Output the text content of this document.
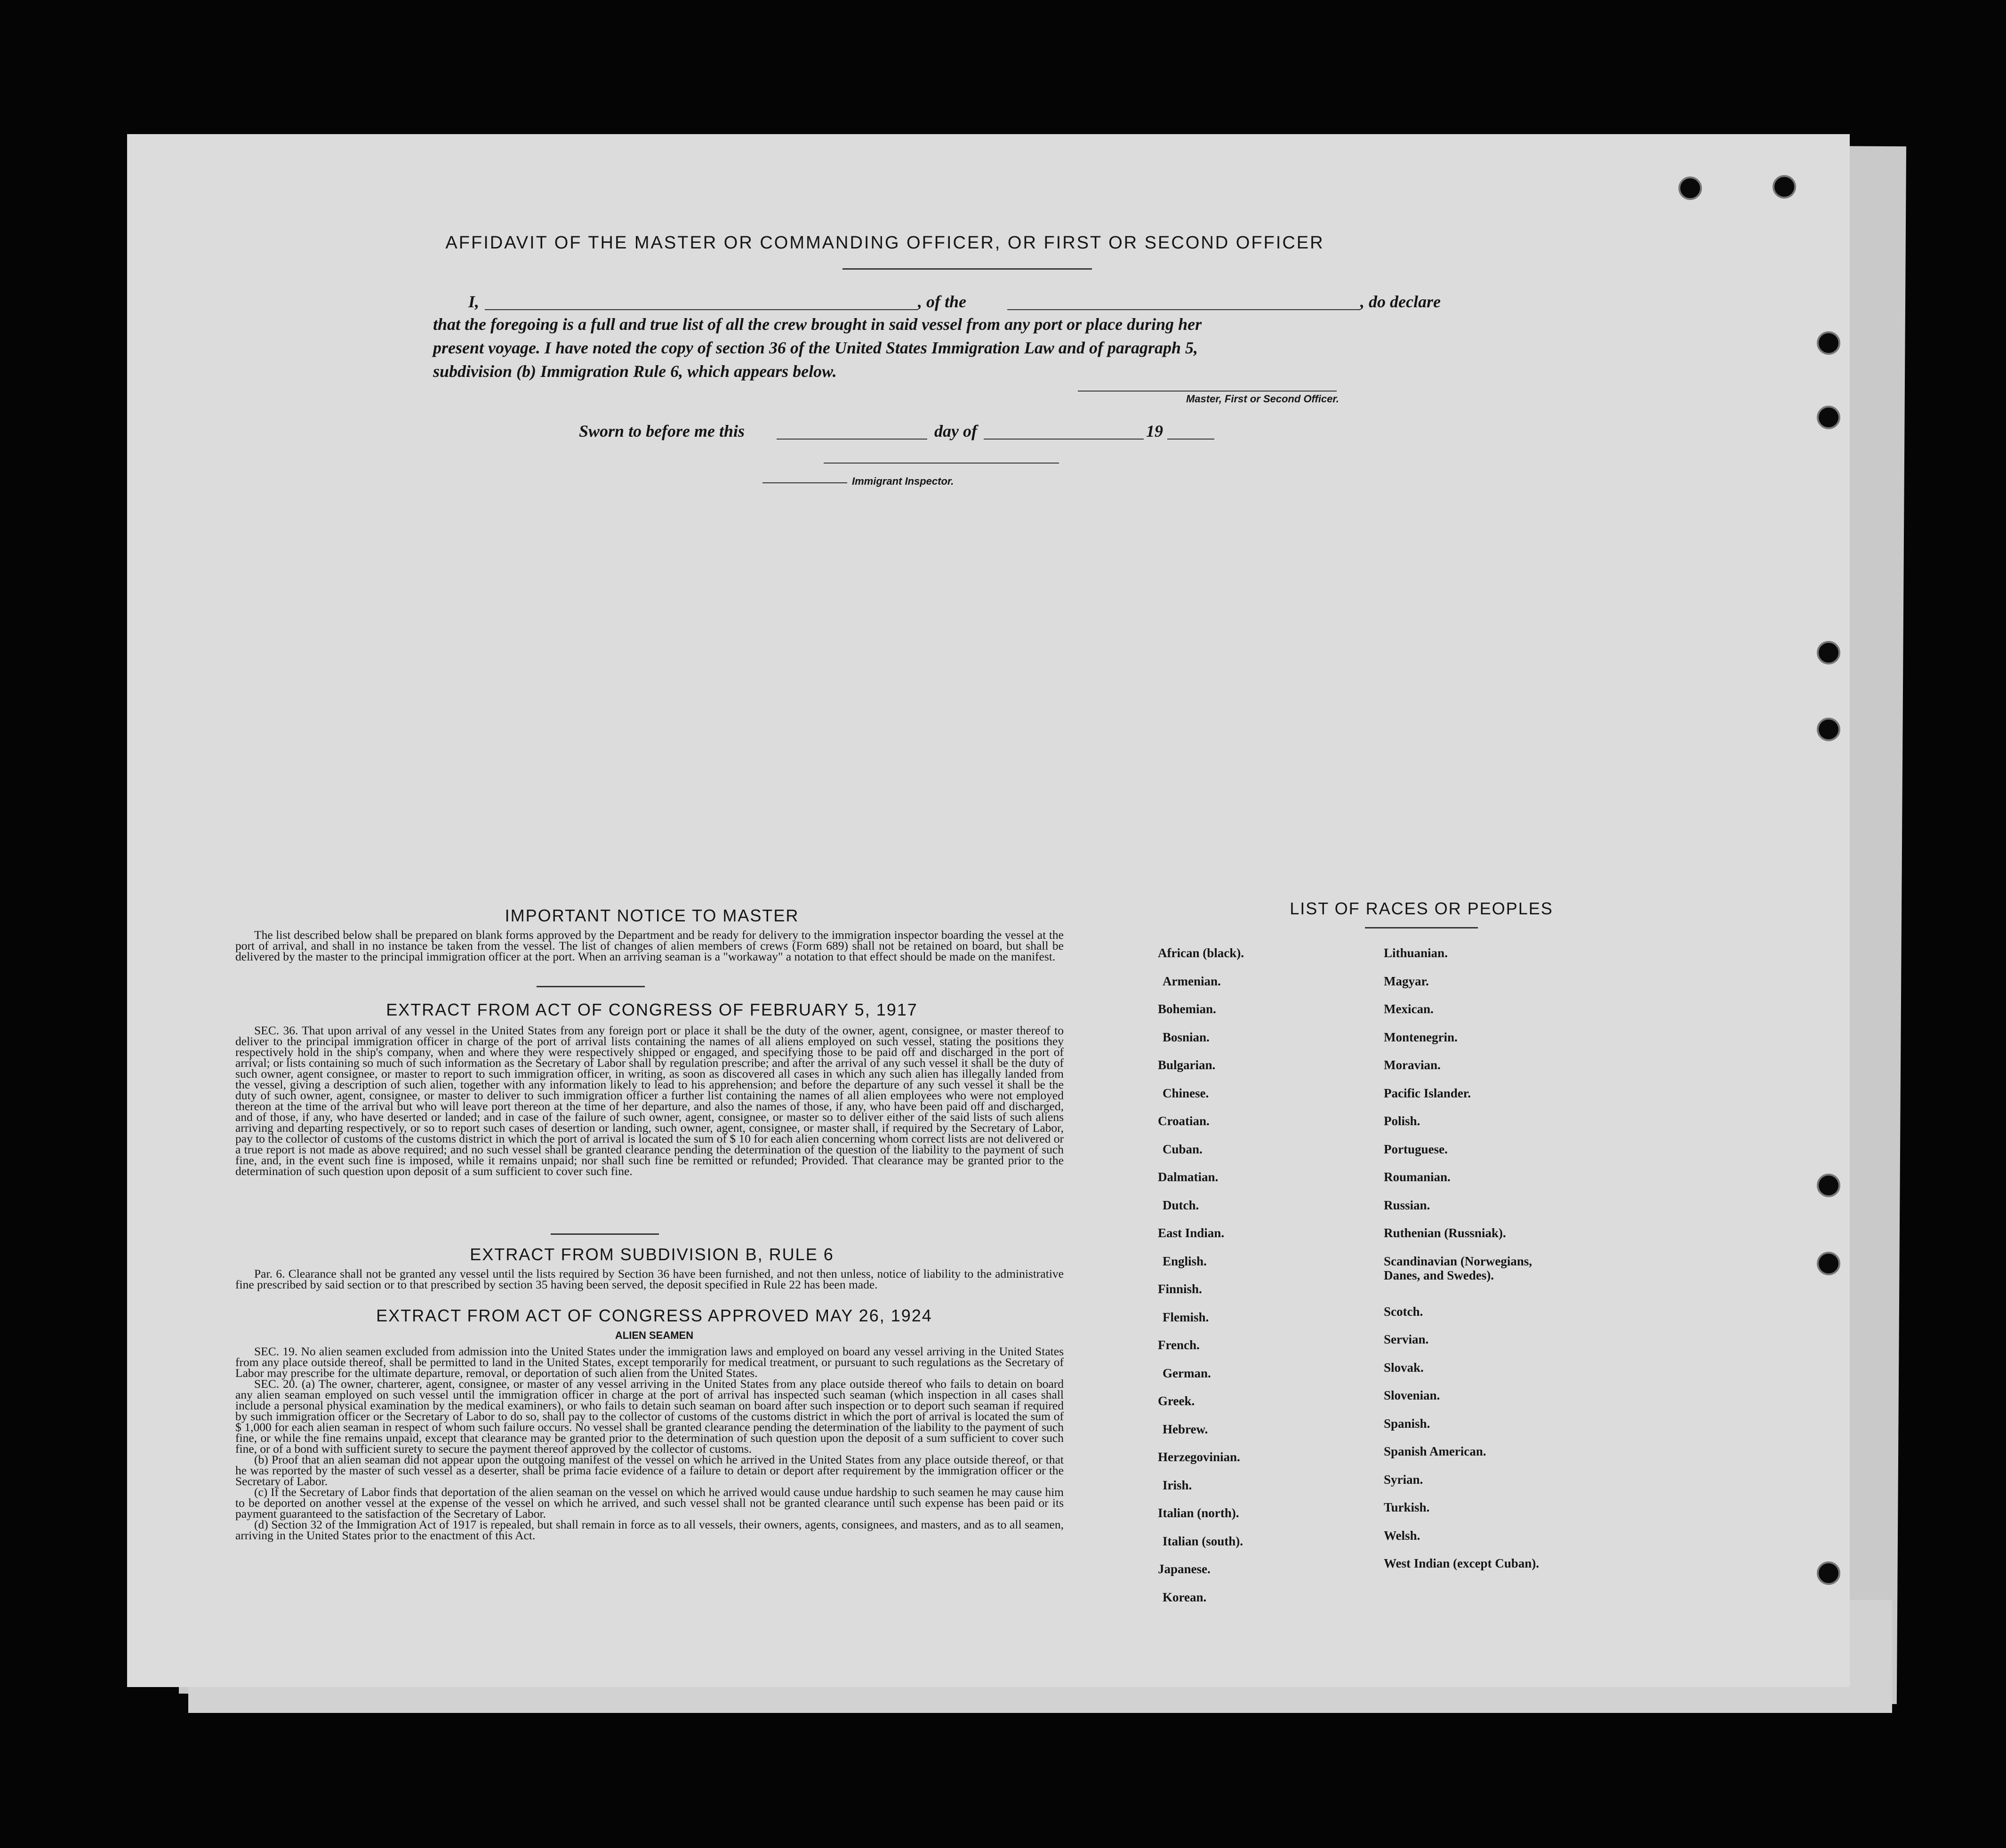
AFFIDAVIT OF THE MASTER OR COMMANDING OFFICER, OR FIRST OR SECOND OFFICER
I,	, of the	, do declare
that the foregoing is a full and true list of all the crew brought in said vessel from any port or place during her
present voyage. I have noted the copy of section 36 of the United States Immigration Law and of paragraph 5,
subdivision (b) Immigration Rule 6, which appears below.
Master, First or Second Officer.
Sworn to before me this	day of	19
Immigrant Inspector.
IMPORTANT NOTICE TO MASTER
The list described below shall be prepared on blank forms approved by the Department and be ready for delivery to the immigration inspector boarding the vessel at the port of arrival, and shall in no instance be taken from the vessel. The list of changes of alien members of crews (Form 689) shall not be retained on board, but shall be delivered by the master to the principal immigration officer at the port. When an arriving seaman is a "workaway" a notation to that effect should be made on the manifest.
EXTRACT FROM ACT OF CONGRESS OF FEBRUARY 5, 1917
SEC. 36. That upon arrival of any vessel in the United States from any foreign port or place it shall be the duty of the owner, agent, consignee, or master thereof to deliver to the principal immigration officer in charge of the port of arrival lists containing the names of all aliens employed on such vessel, stating the positions they respectively hold in the ship's company, when and where they were respectively shipped or engaged, and specifying those to be paid off and discharged in the port of arrival; or lists containing so much of such information as the Secretary of Labor shall by regulation prescribe; and after the arrival of any such vessel it shall be the duty of such owner, agent consignee, or master to report to such immigration officer, in writing, as soon as discovered all cases in which any such alien has illegally landed from the vessel, giving a description of such alien, together with any information likely to lead to his apprehension; and before the departure of any such vessel it shall be the duty of such owner, agent, consignee, or master to deliver to such immigration officer a further list containing the names of all alien employees who were not employed thereon at the time of the arrival but who will leave port thereon at the time of her departure, and also the names of those, if any, who have been paid off and discharged, and of those, if any, who have deserted or landed; and in case of the failure of such owner, agent, consignee, or master so to deliver either of the said lists of such aliens arriving and departing respectively, or so to report such cases of desertion or landing, such owner, agent, consignee, or master shall, if required by the Secretary of Labor, pay to the collector of customs of the customs district in which the port of arrival is located the sum of $ 10 for each alien concerning whom correct lists are not delivered or a true report is not made as above required; and no such vessel shall be granted clearance pending the determination of the question of the liability to the payment of such fine, and, in the event such fine is imposed, while it remains unpaid; nor shall such fine be remitted or refunded; Provided. That clearance may be granted prior to the determination of such question upon deposit of a sum sufficient to cover such fine.
EXTRACT FROM SUBDIVISION B, RULE 6
Par. 6. Clearance shall not be granted any vessel until the lists required by Section 36 have been furnished, and not then unless, notice of liability to the administrative fine prescribed by said section or to that prescribed by section 35 having been served, the deposit specified in Rule 22 has been made.
EXTRACT FROM ACT OF CONGRESS APPROVED MAY 26, 1924
ALIEN SEAMEN

SEC. 19. No alien seamen excluded from admission into the United States under the immigration laws and employed on board any vessel arriving in the United States from any place outside thereof, shall be permitted to land in the United States, except temporarily for medical treatment, or pursuant to such regulations as the Secretary of Labor may prescribe for the ultimate departure, removal, or deportation of such alien from the United States.

SEC. 20. (a) The owner, charterer, agent, consignee, or master of any vessel arriving in the United States from any place outside thereof who fails to detain on board any alien seaman employed on such vessel until the immigration officer in charge at the port of arrival has inspected such seaman (which inspection in all cases shall include a personal physical examination by the medical examiners), or who fails to detain such seaman on board after such inspection or to deport such seaman if required by such immigration officer or the Secretary of Labor to do so, shall pay to the collector of customs of the customs district in which the port of arrival is located the sum of $ 1,000 for each alien seaman in respect of whom such failure occurs. No vessel shall be granted clearance pending the determination of the liability to the payment of such fine, or while the fine remains unpaid, except that clearance may be granted prior to the determination of such question upon the deposit of a sum sufficient to cover such fine, or of a bond with sufficient surety to secure the payment thereof approved by the collector of customs.

(b) Proof that an alien seaman did not appear upon the outgoing manifest of the vessel on which he arrived in the United States from any place outside thereof, or that he was reported by the master of such vessel as a deserter, shall be prima facie evidence of a failure to detain or deport after requirement by the immigration officer or the Secretary of Labor.

(c) If the Secretary of Labor finds that deportation of the alien seaman on the vessel on which he arrived would cause undue hardship to such seamen he may cause him to be deported on another vessel at the expense of the vessel on which he arrived, and such vessel shall not be granted clearance until such expense has been paid or its payment guaranteed to the satisfaction of the Secretary of Labor.

(d) Section 32 of the Immigration Act of 1917 is repealed, but shall remain in force as to all vessels, their owners, agents, consignees, and masters, and as to all seamen, arriving in the United States prior to the enactment of this Act.

LIST OF RACES OR PEOPLES
African (black).
Armenian.
Bohemian.
Bosnian.
Bulgarian.
Chinese.
Croatian.
Cuban.
Dalmatian.
Dutch.
East Indian.
English.
Finnish.
Flemish.
French.
German.
Greek.
Hebrew.
Herzegovinian.
Irish.
Italian (north).
Italian (south).
Japanese.
Korean.
Lithuanian.
Magyar.
Mexican.
Montenegrin.
Moravian.
Pacific Islander.
Polish.
Portuguese.
Roumanian.
Russian.
Ruthenian (Russniak).
Scandinavian (Norwegians, Danes, and Swedes).
Scotch.
Servian.
Slovak.
Slovenian.
Spanish.
Spanish American.
Syrian.
Turkish.
Welsh.
West Indian (except Cuban).
